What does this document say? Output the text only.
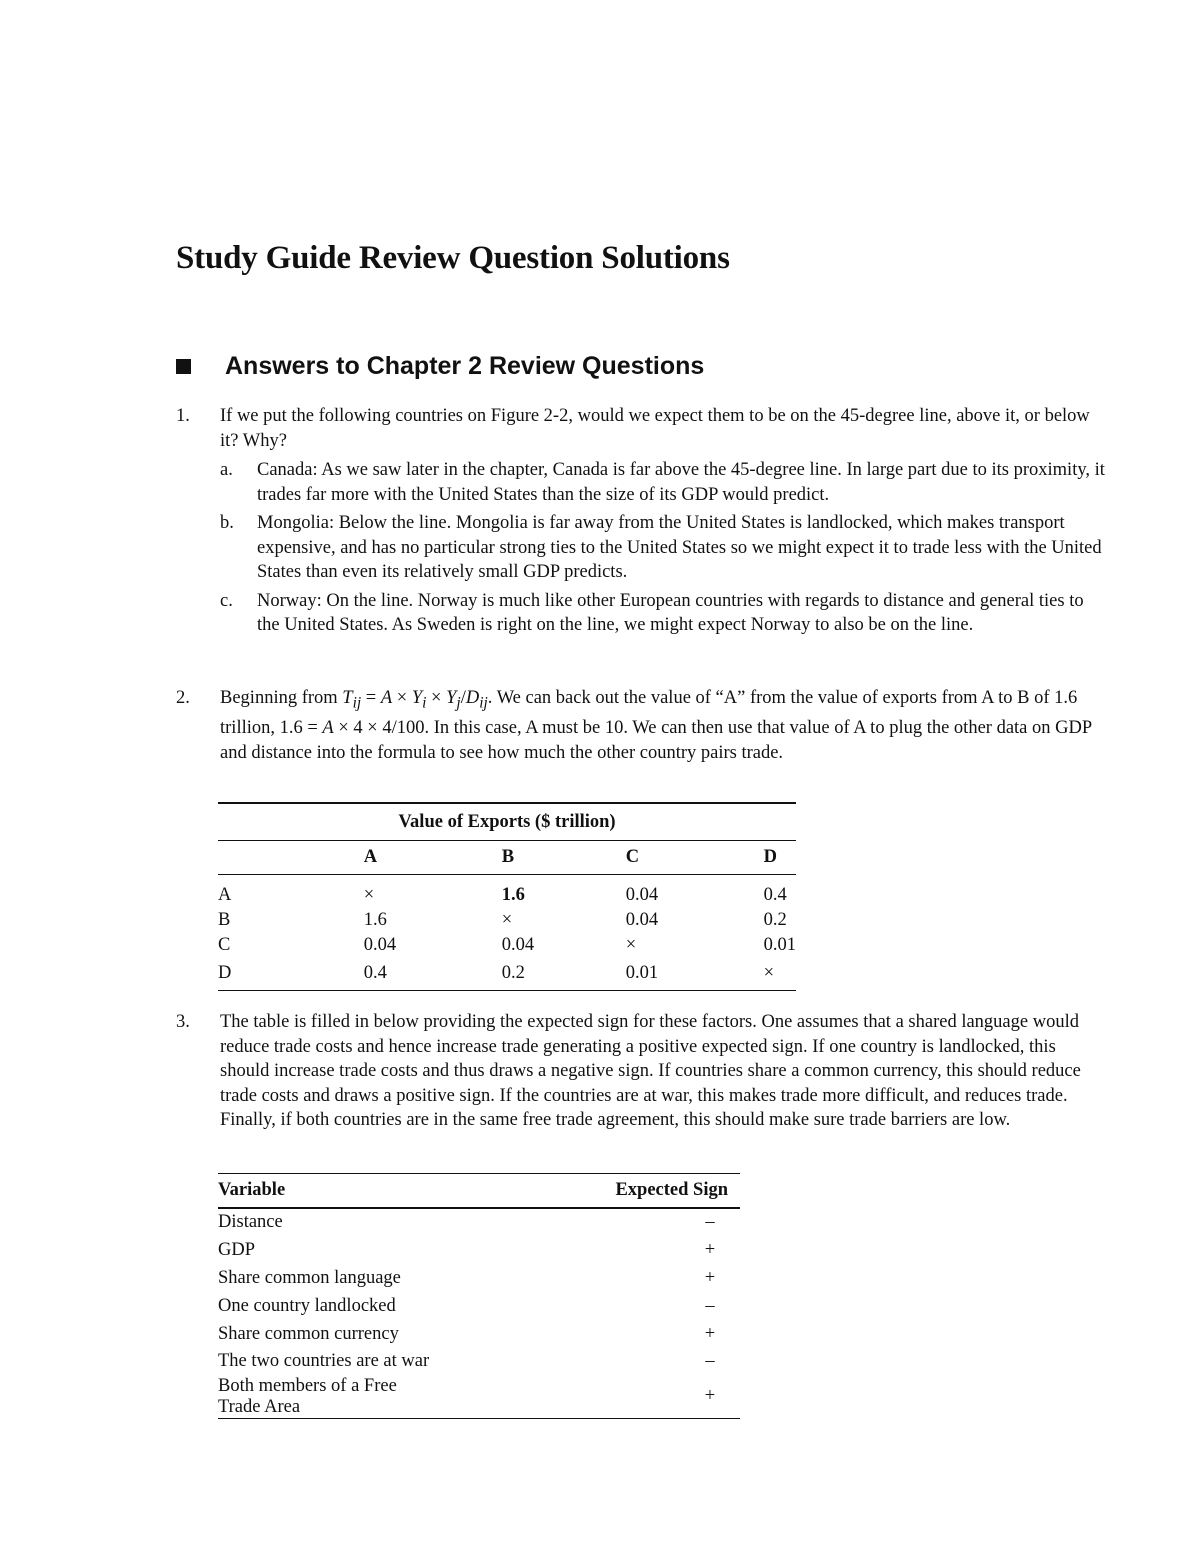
Study Guide Review Question Solutions
Answers to Chapter 2 Review Questions
1.	If we put the following countries on Figure 2-2, would we expect them to be on the 45-degree line, above it, or below it? Why?
a. Canada: As we saw later in the chapter, Canada is far above the 45-degree line. In large part due to its proximity, it trades far more with the United States than the size of its GDP would predict.
b. Mongolia: Below the line. Mongolia is far away from the United States is landlocked, which makes transport expensive, and has no particular strong ties to the United States so we might expect it to trade less with the United States than even its relatively small GDP predicts.
c. Norway: On the line. Norway is much like other European countries with regards to distance and general ties to the United States. As Sweden is right on the line, we might expect Norway to also be on the line.
2.	Beginning from $T_{ij} = A \times Y_i \times Y_j/D_{ij}$. We can back out the value of “A” from the value of exports from A to B of 1.6 trillion, 1.6 = A × 4 × 4/100. In this case, A must be 10. We can then use that value of A to plug the other data on GDP and distance into the formula to see how much the other country pairs trade.
Value of Exports ($ trillion)				
	A	B	C	D
A	×	1.6	0.04	0.4
B	1.6	×	0.04	0.2
C	0.04	0.04	×	0.01
D	0.4	0.2	0.01	×
3.	The table is filled in below providing the expected sign for these factors. One assumes that a shared language would reduce trade costs and hence increase trade generating a positive expected sign. If one country is landlocked, this should increase trade costs and thus draws a negative sign. If countries share a common currency, this should reduce trade costs and draws a positive sign. If the countries are at war, this makes trade more difficult, and reduces trade. Finally, if both countries are in the same free trade agreement, this should make sure trade barriers are low.
Variable	Expected Sign
Distance	–
GDP	+
Share common language	+
One country landlocked	–
Share common currency	+
The two countries are at war	–
Both members of a Free Trade Area	+
